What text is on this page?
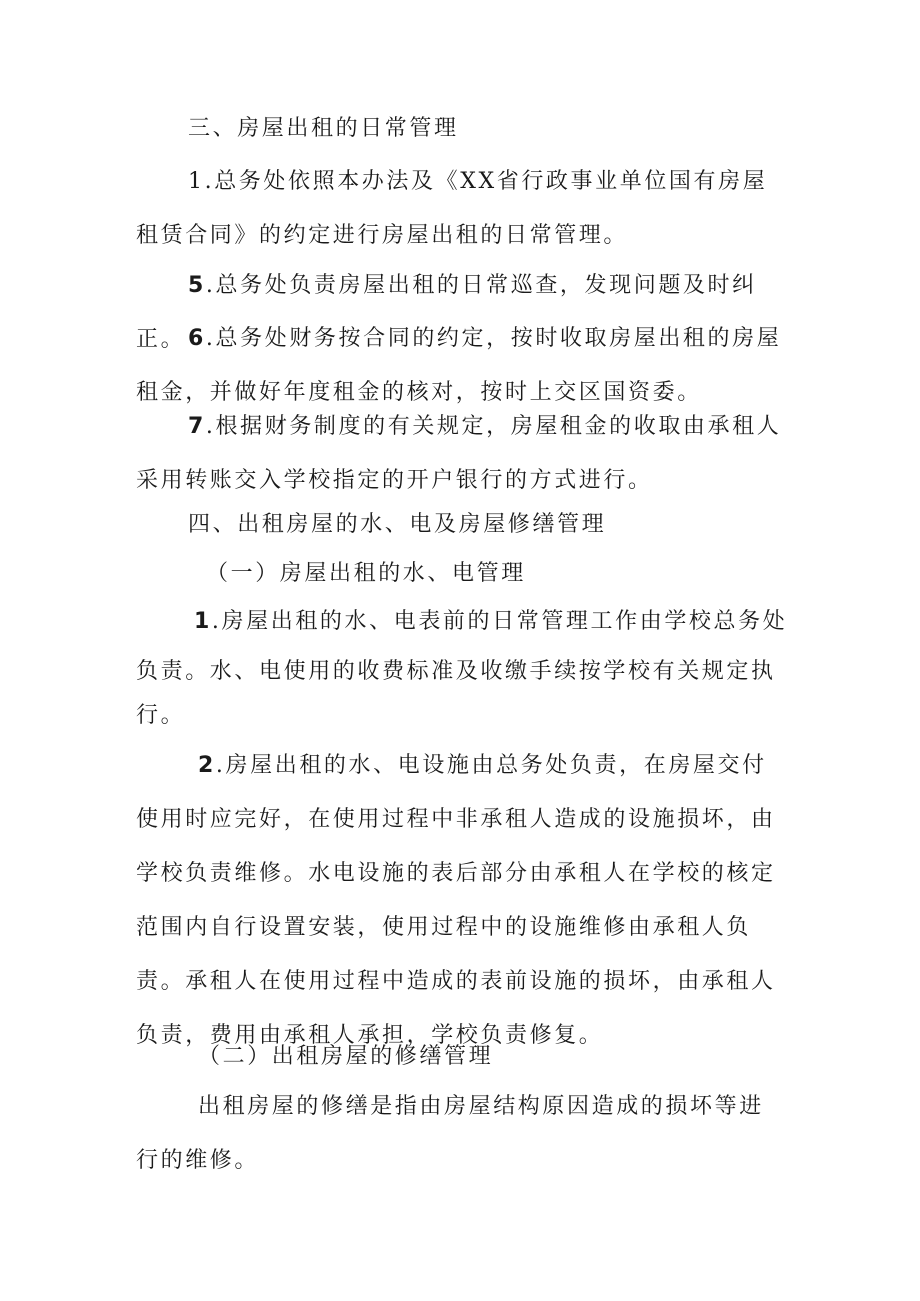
三、房屋出租的日常管理

1.总务处依照本办法及《XX省行政事业单位国有房屋租赁合同》的约定进行房屋出租的日常管理。

5.总务处负责房屋出租的日常巡查，发现问题及时纠正。 6.总务处财务按合同的约定，按时收取房屋出租的房屋租金，并做好年度租金的核对，按时上交区国资委。

7.根据财务制度的有关规定，房屋租金的收取由承租人采用转账交入学校指定的开户银行的方式进行。

四、出租房屋的水、电及房屋修缮管理

（一）房屋出租的水、电管理

1.房屋出租的水、电表前的日常管理工作由学校总务处
负责。水、电使用的收费标准及收缴手续按学校有关规定执
行。

2.房屋出租的水、电设施由总务处负责，在房屋交付使用时应完好，在使用过程中非承租人造成的设施损坏，由学校负责维修。水电设施的表后部分由承租人在学校的核定范围内自行设置安装，使用过程中的设施维修由承租人负责。承租人在使用过程中造成的表前设施的损坏，由承租人负责，费用由承租人承担，学校负责修复。

（二）出租房屋的修缮管理

出租房屋的修缮是指由房屋结构原因造成的损坏等进行的维修。
